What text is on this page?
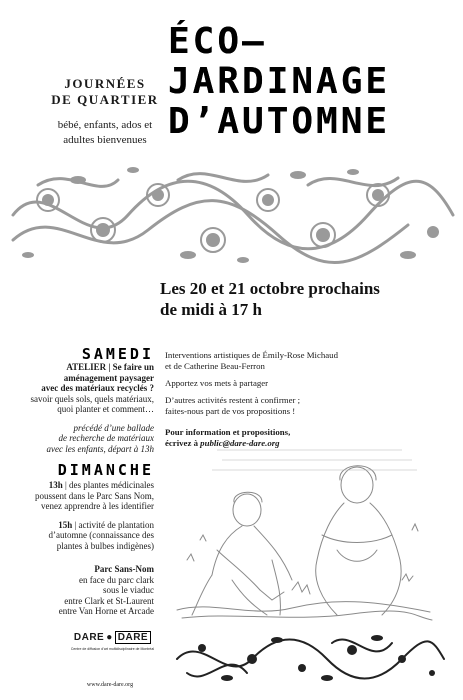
JOURNÉES
DE QUARTIER
bébé, enfants, ados et
adultes bienvenues
ÉCO–
JARDINAGE
D’AUTOMNE
Les 20 et 21 octobre prochains
de midi à 17 h
SAMEDI
ATELIER | Se faire un
aménagement paysager
avec des matériaux recyclés ?
savoir quels sols, quels matériaux,
quoi planter et comment…
précédé d’une ballade
de recherche de matériaux
avec les enfants, départ à 13h
DIMANCHE
13h | des plantes médicinales
poussent dans le Parc Sans Nom,
venez apprendre à les identifier
15h | activité de plantation
d’automne (connaissance des
plantes à bulbes indigènes)
Parc Sans-Nom
en face du parc clark
sous le viaduc
entre Clark et St-Laurent
entre Van Horne et Arcade

Interventions artistiques de Émily-Rose Michaud
et de Catherine Beau-Ferron

Apportez vos mets à partager

D’autres activités restent à confirmer ;
faites-nous part de vos propositions !

Pour information et propositions,
écrivez à public@dare-dare.org

DARE ● DARE
Centre de diffusion d’art multidisciplinaire de Montréal
www.dare-dare.org
